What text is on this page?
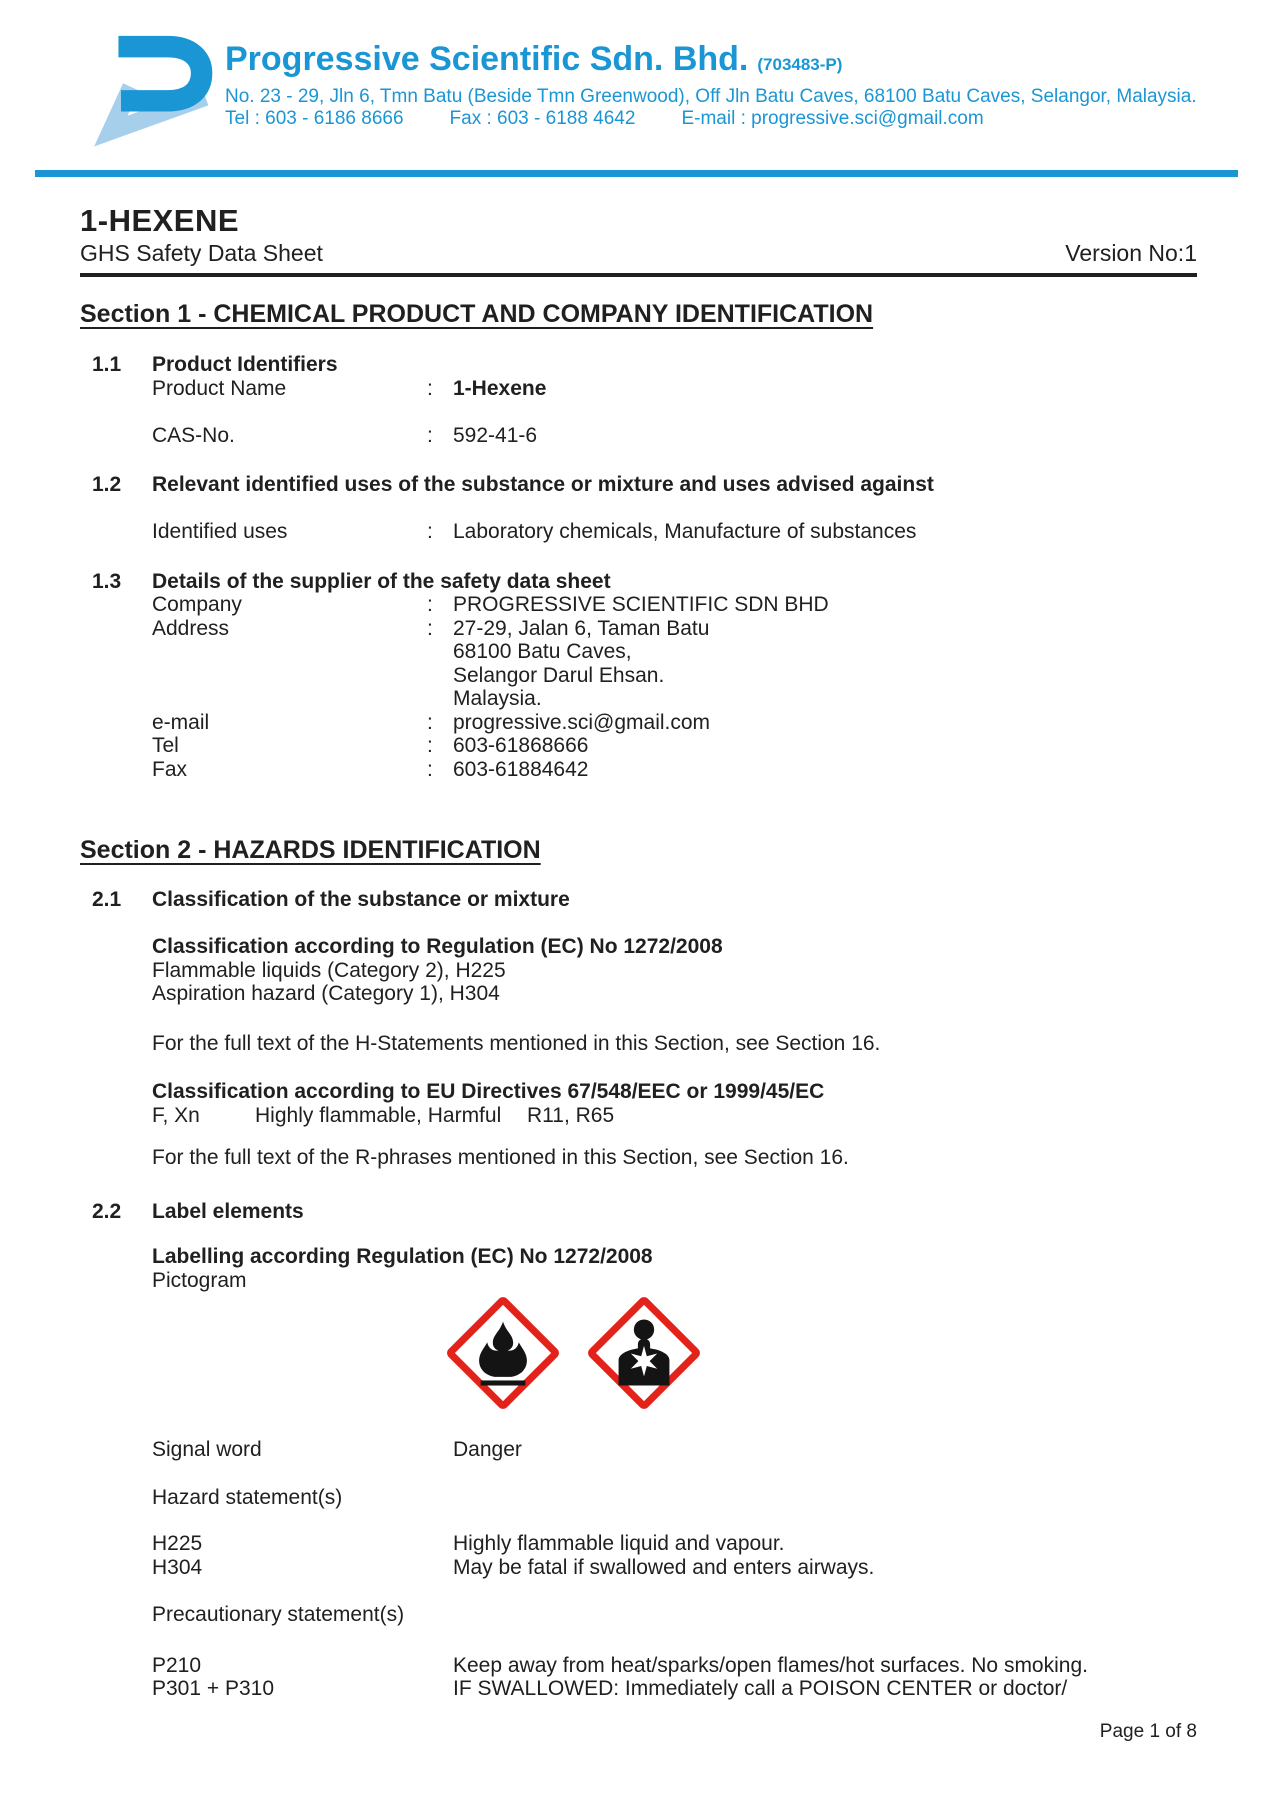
Progressive Scientific Sdn. Bhd. (703483-P)
No. 23 - 29, Jln 6, Tmn Batu (Beside Tmn Greenwood), Off Jln Batu Caves, 68100 Batu Caves, Selangor, Malaysia.
Tel : 603 - 6186 8666 Fax : 603 - 6188 4642 E-mail : progressive.sci@gmail.com
1-HEXENE
GHS Safety Data Sheet	Version No:1
Section 1 - CHEMICAL PRODUCT AND COMPANY IDENTIFICATION
1.1	Product Identifiers
Product Name	: 1-Hexene
CAS-No.	: 592-41-6
1.2	Relevant identified uses of the substance or mixture and uses advised against
Identified uses	: Laboratory chemicals, Manufacture of substances
1.3	Details of the supplier of the safety data sheet
Company	: PROGRESSIVE SCIENTIFIC SDN BHD
Address	: 27-29, Jalan 6, Taman Batu
68100 Batu Caves,
Selangor Darul Ehsan.
Malaysia.
e-mail	: progressive.sci@gmail.com
Tel	: 603-61868666
Fax	: 603-61884642
Section 2 - HAZARDS IDENTIFICATION
2.1	Classification of the substance or mixture
Classification according to Regulation (EC) No 1272/2008
Flammable liquids (Category 2), H225
Aspiration hazard (Category 1), H304
For the full text of the H-Statements mentioned in this Section, see Section 16.
Classification according to EU Directives 67/548/EEC or 1999/45/EC
F, Xn	Highly flammable, Harmful	R11, R65
For the full text of the R-phrases mentioned in this Section, see Section 16.
2.2	Label elements
Labelling according Regulation (EC) No 1272/2008
Pictogram
Signal word	Danger
Hazard statement(s)
H225	Highly flammable liquid and vapour.
H304	May be fatal if swallowed and enters airways.
Precautionary statement(s)
P210	Keep away from heat/sparks/open flames/hot surfaces. No smoking.
P301 + P310	IF SWALLOWED: Immediately call a POISON CENTER or doctor/
Page 1 of 8
